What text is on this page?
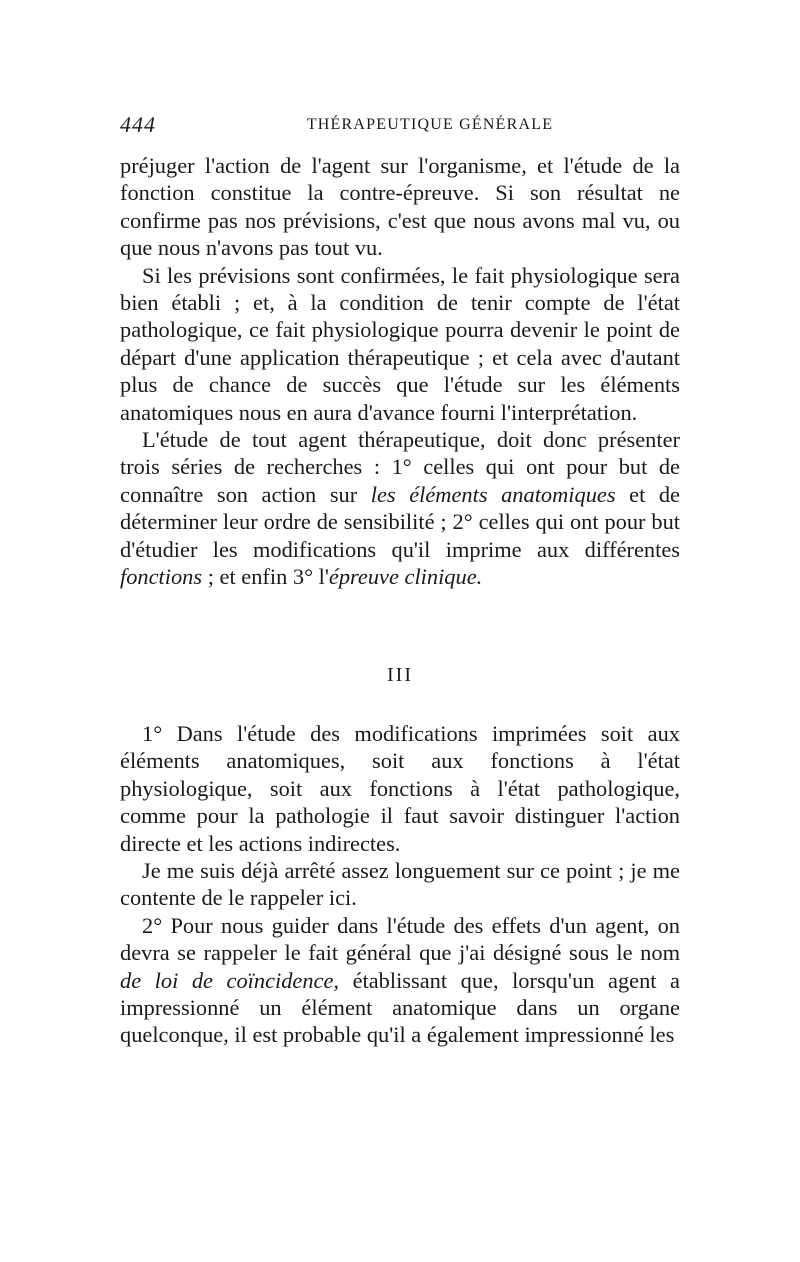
444	THÉRAPEUTIQUE GÉNÉRALE

préjuger l'action de l'agent sur l'organisme, et l'étude de la fonction constitue la contre-épreuve. Si son résultat ne confirme pas nos prévisions, c'est que nous avons mal vu, ou que nous n'avons pas tout vu.

Si les prévisions sont confirmées, le fait physiologique sera bien établi ; et, à la condition de tenir compte de l'état pathologique, ce fait physiologique pourra devenir le point de départ d'une application thérapeutique ; et cela avec d'autant plus de chance de succès que l'étude sur les éléments anatomiques nous en aura d'avance fourni l'interprétation.

L'étude de tout agent thérapeutique, doit donc présenter trois séries de recherches : 1° celles qui ont pour but de connaître son action sur les éléments anatomiques et de déterminer leur ordre de sensibilité ; 2° celles qui ont pour but d'étudier les modifications qu'il imprime aux différentes fonctions ; et enfin 3° l'épreuve clinique.

III

1° Dans l'étude des modifications imprimées soit aux éléments anatomiques, soit aux fonctions à l'état physiologique, soit aux fonctions à l'état pathologique, comme pour la pathologie il faut savoir distinguer l'action directe et les actions indirectes.

Je me suis déjà arrêté assez longuement sur ce point ; je me contente de le rappeler ici.

2° Pour nous guider dans l'étude des effets d'un agent, on devra se rappeler le fait général que j'ai désigné sous le nom de loi de coïncidence, établissant que, lorsqu'un agent a impressionné un élément anatomique dans un organe quelconque, il est probable qu'il a également impressionné les
